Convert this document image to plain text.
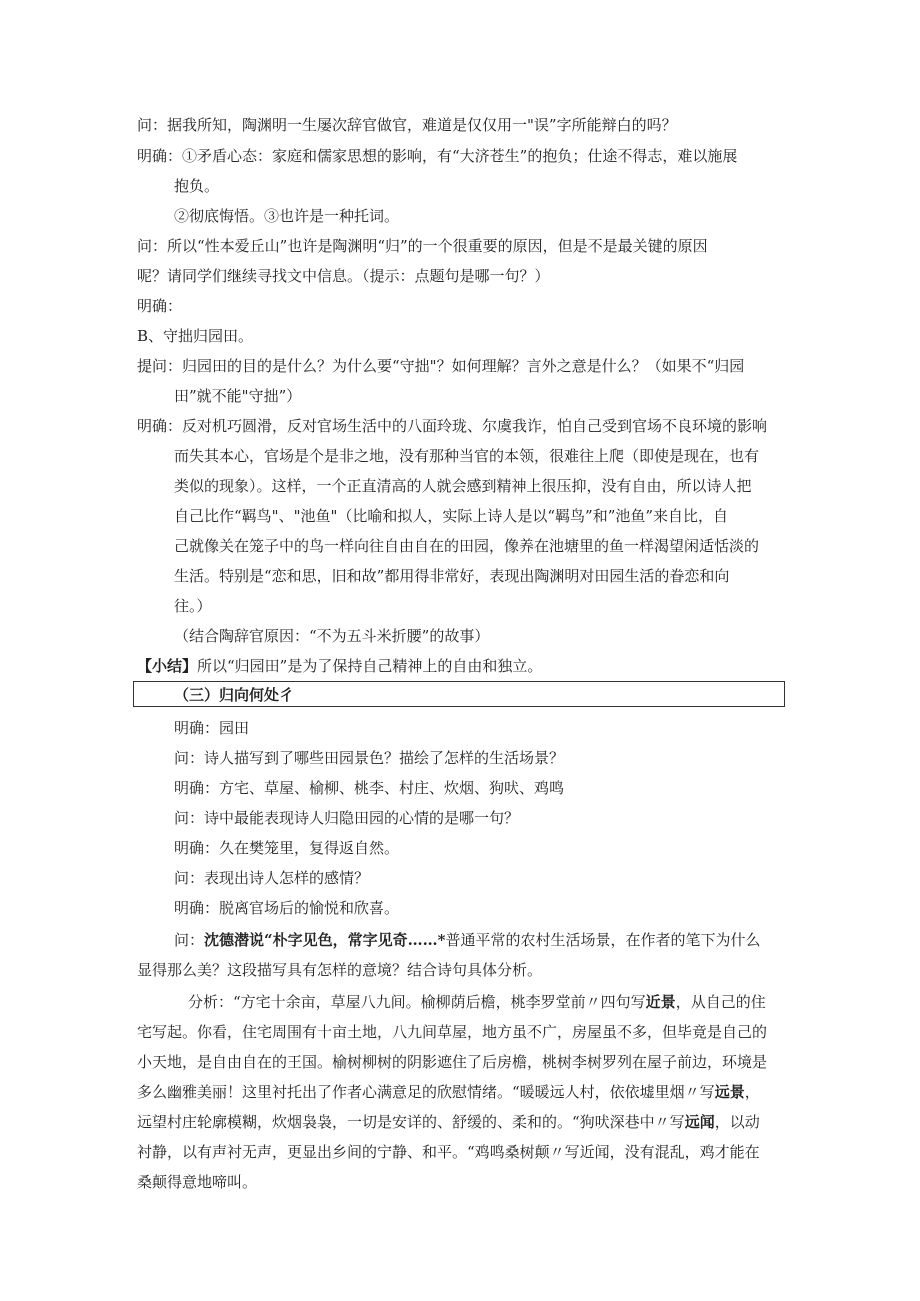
问：据我所知，陶渊明一生屡次辞官做官，难道是仅仅用一"误”字所能辩白的吗？

明确：①矛盾心态：家庭和儒家思想的影响，有“大济苍生”的抱负；仕途不得志，难以施展

抱负。

②彻底悔悟。③也许是一种托词。

问：所以“性本爱丘山”也许是陶渊明“归”的一个很重要的原因，但是不是最关键的原因

呢？请同学们继续寻找文中信息。（提示：点题句是哪一句？）

明确：

B、守拙归园田。

提问：归园田的目的是什么？为什么要“守拙"？如何理解？言外之意是什么？（如果不“归园

田”就不能"守拙”）

明确：反对机巧圆滑，反对官场生活中的八面玲珑、尔虞我诈，怕自己受到官场不良环境的影响

而失其本心，官场是个是非之地，没有那种当官的本领，很难往上爬（即使是现在，也有

类似的现象）。这样，一个正直清高的人就会感到精神上很压抑，没有自由，所以诗人把

自己比作“羁鸟"、"池鱼"（比喻和拟人，实际上诗人是以“羁鸟”和”池鱼”来自比，自

己就像关在笼子中的鸟一样向往自由自在的田园，像养在池塘里的鱼一样渴望闲适恬淡的

生活。特别是“恋和思，旧和故”都用得非常好，表现出陶渊明对田园生活的眷恋和向

往。）

（结合陶辞官原因：“不为五斗米折腰”的故事）

【小结】所以“归园田”是为了保持自己精神上的自由和独立。

（三）归向何处彳

明确：园田

问：诗人描写到了哪些田园景色？描绘了怎样的生活场景？

明确：方宅、草屋、榆柳、桃李、村庄、炊烟、狗吠、鸡鸣

问：诗中最能表现诗人归隐田园的心情的是哪一句？

明确：久在樊笼里，复得返自然。

问：表现出诗人怎样的感情？

明确：脱离官场后的愉悦和欣喜。

问：沈德潜说“朴字见色，常字见奇……*普通平常的农村生活场景，在作者的笔下为什么

显得那么美？这段描写具有怎样的意境？结合诗句具体分析。

分析：“方宅十余亩，草屋八九间。榆柳荫后檐，桃李罗堂前〃四句写近景，从自己的住

宅写起。你看，住宅周围有十亩土地，八九间草屋，地方虽不广，房屋虽不多，但毕竟是自己的

小天地，是自由自在的王国。榆树柳树的阴影遮住了后房檐，桃树李树罗列在屋子前边，环境是

多么幽雅美丽！这里衬托出了作者心满意足的欣慰情绪。“暖暖远人村，依依墟里烟〃写远景，

远望村庄轮廓模糊，炊烟袅袅，一切是安详的、舒缓的、柔和的。“狗吠深巷中〃写远闻，以动

衬静，以有声衬无声，更显出乡间的宁静、和平。“鸡鸣桑树颠〃写近闻，没有混乱，鸡才能在

桑颠得意地啼叫。
